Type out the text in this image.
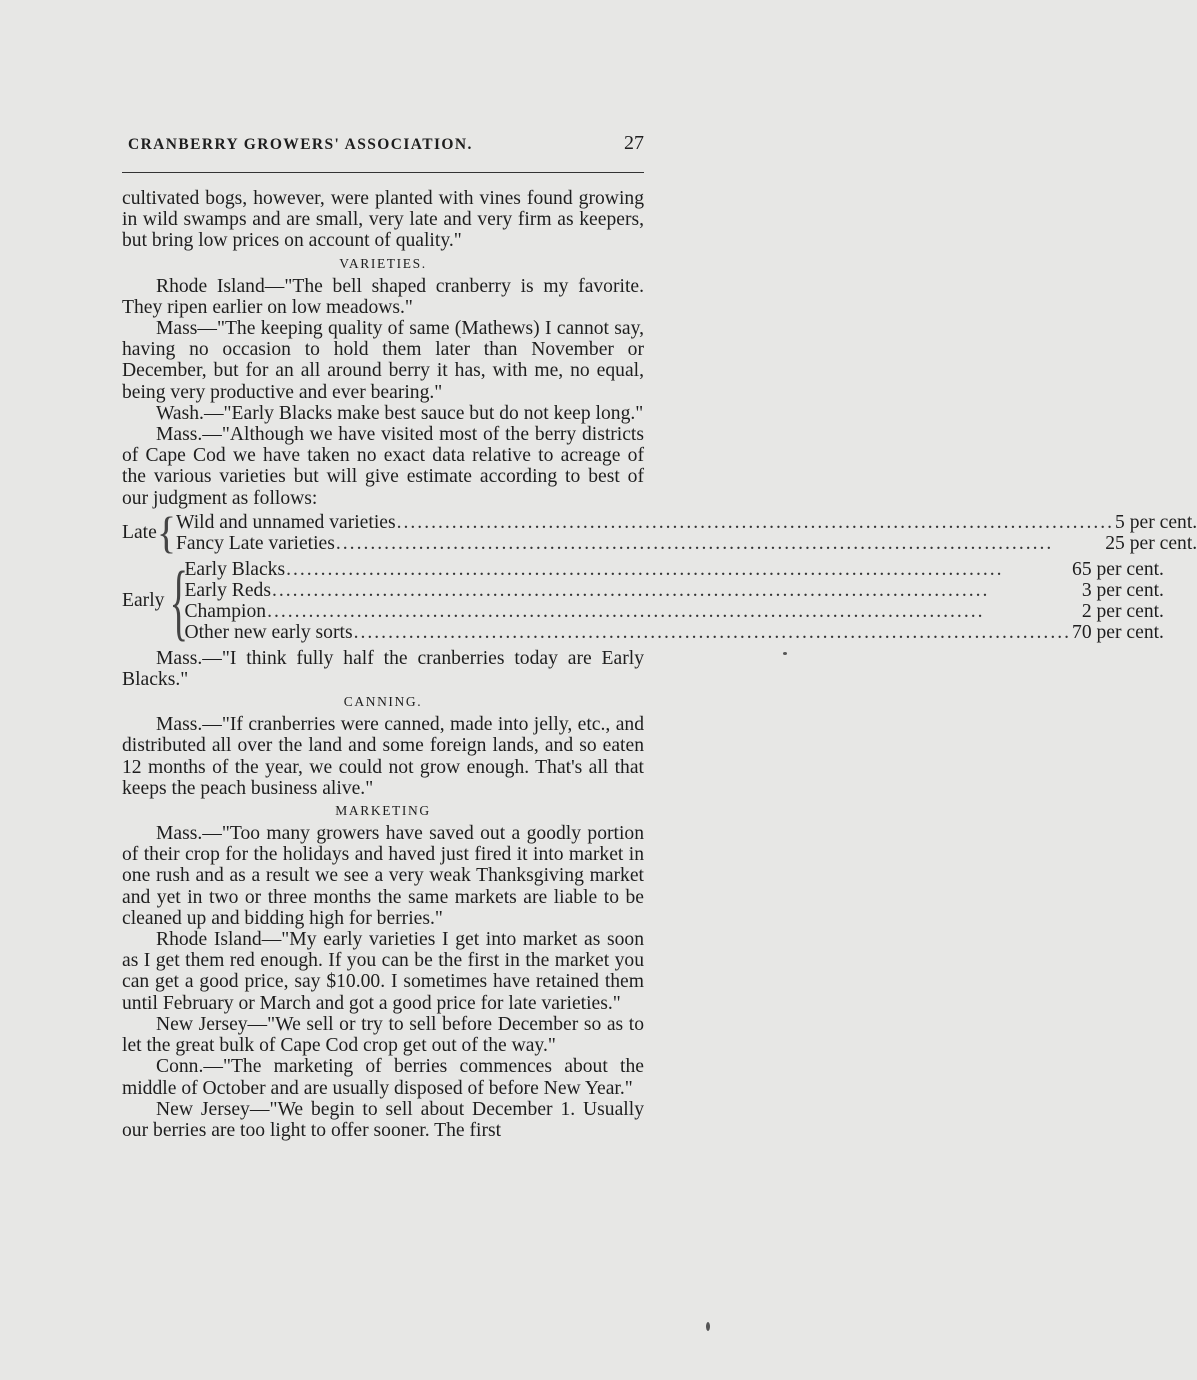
CRANBERRY GROWERS' ASSOCIATION.	27

cultivated bogs, however, were planted with vines found growing in wild swamps and are small, very late and very firm as keepers, but bring low prices on account of quality."

VARIETIES.

Rhode Island—"The bell shaped cranberry is my favorite. They ripen earlier on low meadows."

Mass—"The keeping quality of same (Mathews) I cannot say, having no occasion to hold them later than November or December, but for an all around berry it has, with me, no equal, being very productive and ever bearing."

Wash.—"Early Blacks make best sauce but do not keep long."

Mass.—"Although we have visited most of the berry districts of Cape Cod we have taken no exact data relative to acreage of the various varieties but will give estimate according to best of our judgment as follows:

Late { Wild and unnamed varieties .....	5 per cent.
Fancy Late varieties .....	25 per cent.
Early {
Early Blacks .....	65 per cent.
Early Reds .....	3 per cent.
Champion .....	2 per cent.
Other new early sorts .....	70 per cent.

Mass.—"I think fully half the cranberries today are Early Blacks."

CANNING.

Mass.—"If cranberries were canned, made into jelly, etc., and distributed all over the land and some foreign lands, and so eaten 12 months of the year, we could not grow enough. That's all that keeps the peach business alive."

MARKETING

Mass.—"Too many growers have saved out a goodly portion of their crop for the holidays and haved just fired it into market in one rush and as a result we see a very weak Thanksgiving market and yet in two or three months the same markets are liable to be cleaned up and bidding high for berries."

Rhode Island—"My early varieties I get into market as soon as I get them red enough. If you can be the first in the market you can get a good price, say $10.00. I sometimes have retained them until February or March and got a good price for late varieties."

New Jersey—"We sell or try to sell before December so as to let the great bulk of Cape Cod crop get out of the way."

Conn.—"The marketing of berries commences about the middle of October and are usually disposed of before New Year."

New Jersey—"We begin to sell about December 1. Usually our berries are too light to offer sooner. The first
